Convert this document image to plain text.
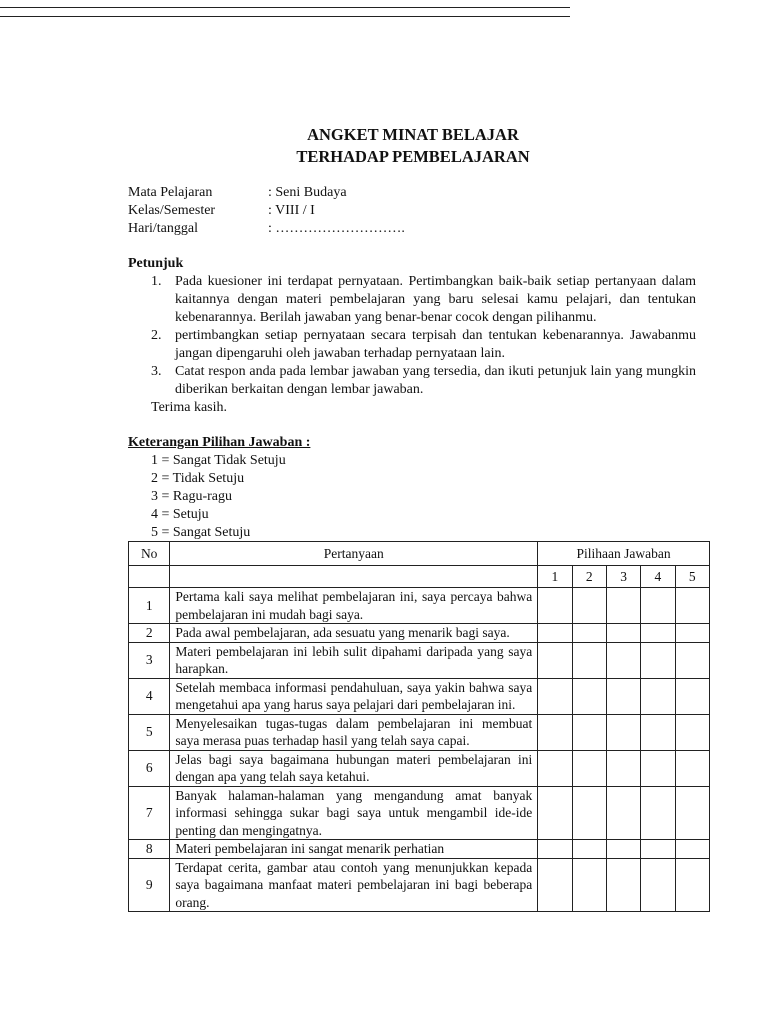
ANGKET MINAT BELAJAR
TERHADAP PEMBELAJARAN
Mata Pelajaran	: Seni Budaya
Kelas/Semester	: VIII / I
Hari/tanggal	: ……………………….
Petunjuk
1. Pada kuesioner ini terdapat pernyataan. Pertimbangkan baik-baik setiap pertanyaan dalam kaitannya dengan materi pembelajaran yang baru selesai kamu pelajari, dan tentukan kebenarannya. Berilah jawaban yang benar-benar cocok dengan pilihanmu.
2. pertimbangkan setiap pernyataan secara terpisah dan tentukan kebenarannya. Jawabanmu jangan dipengaruhi oleh jawaban terhadap pernyataan lain.
3. Catat respon anda pada lembar jawaban yang tersedia, dan ikuti petunjuk lain yang mungkin diberikan berkaitan dengan lembar jawaban.
Terima kasih.
Keterangan Pilihan Jawaban :
1 = Sangat Tidak Setuju
2 = Tidak Setuju
3 = Ragu-ragu
4 = Setuju
5 = Sangat Setuju
No	Pertanyaan	Pilihaan Jawaban				
		1	2	3	4	5
1	Pertama kali saya melihat pembelajaran ini, saya percaya bahwa pembelajaran ini mudah bagi saya.					
2	Pada awal pembelajaran, ada sesuatu yang menarik bagi saya.					
3	Materi pembelajaran ini lebih sulit dipahami daripada yang saya harapkan.					
4	Setelah membaca informasi pendahuluan, saya yakin bahwa saya mengetahui apa yang harus saya pelajari dari pembelajaran ini.					
5	Menyelesaikan tugas-tugas dalam pembelajaran ini membuat saya merasa puas terhadap hasil yang telah saya capai.					
6	Jelas bagi saya bagaimana hubungan materi pembelajaran ini dengan apa yang telah saya ketahui.					
7	Banyak halaman-halaman yang mengandung amat banyak informasi sehingga sukar bagi saya untuk mengambil ide-ide penting dan mengingatnya.					
8	Materi pembelajaran ini sangat menarik perhatian					
9	Terdapat cerita, gambar atau contoh yang menunjukkan kepada saya bagaimana manfaat materi pembelajaran ini bagi beberapa orang.					
